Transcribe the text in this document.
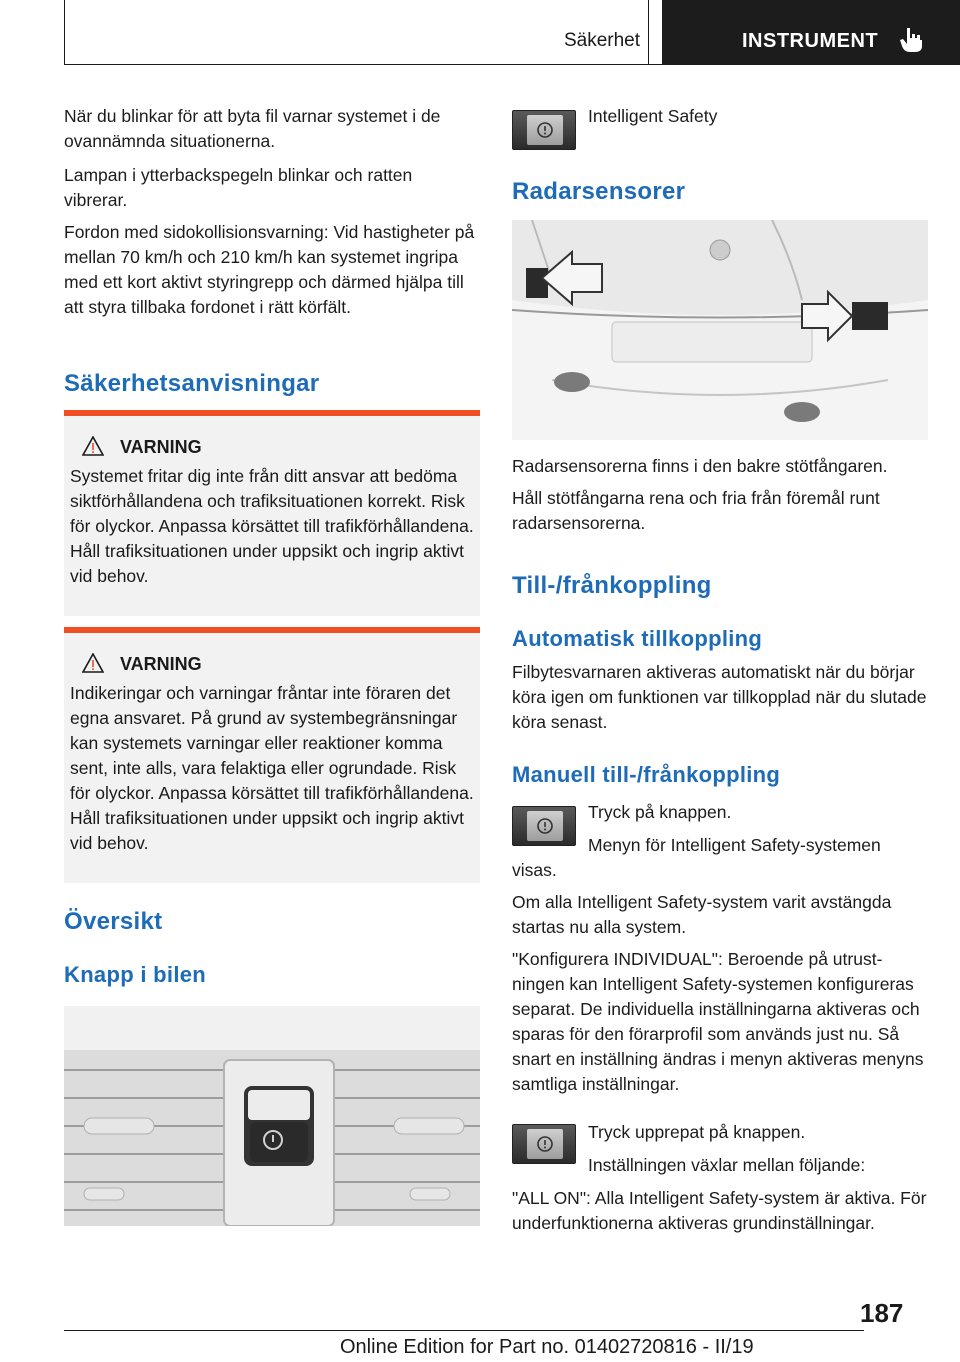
Säkerhet	INSTRUMENT

När du blinkar för att byta fil varnar systemet i de ovannämnda situationerna.

Lampan i ytterbackspegeln blinkar och ratten vibrerar.

Fordon med sidokollisionsvarning: Vid hastigheter på mellan 70 km/h och 210 km/h kan systemet ingripa med ett kort aktivt styringrepp och därmed hjälpa till att styra tillbaka fordonet i rätt körfält.

Säkerhetsanvisningar
VARNING

Systemet fritar dig inte från ditt ansvar att bedöma siktförhållandena och trafiksituationen korrekt. Risk för olyckor. Anpassa körsättet till trafikförhållandena. Håll trafiksituationen under uppsikt och ingrip aktivt vid behov.

VARNING

Indikeringar och varningar fråntar inte föraren det egna ansvaret. På grund av systembegränsningar kan systemets varningar eller reaktioner komma sent, inte alls, vara felaktiga eller ogrundade. Risk för olyckor. Anpassa körsättet till trafikförhållandena. Håll trafiksituationen under uppsikt och ingrip aktivt vid behov.

Översikt
Knapp i bilen

Intelligent Safety

Radarsensorer

Radarsensorerna finns i den bakre stötfångaren.

Håll stötfångarna rena och fria från föremål runt radarsensorerna.

Till-/frånkoppling
Automatisk tillkoppling

Filbytesvarnaren aktiveras automatiskt när du börjar köra igen om funktionen var tillkopplad när du slutade köra senast.

Manuell till-/frånkoppling

Tryck på knappen.

Menyn för Intelligent Safety-systemen

visas.

Om alla Intelligent Safety-system varit avstängda startas nu alla system.

"Konfigurera INDIVIDUAL": Beroende på utrustningen kan Intelligent Safety-systemen konfigureras separat. De individuella inställningarna aktiveras och sparas för den förarprofil som används just nu. Så snart en inställning ändras i menyn aktiveras menyns samtliga inställningar.

Tryck upprepat på knappen.

Inställningen växlar mellan följande:

"ALL ON": Alla Intelligent Safety-system är aktiva. För underfunktionerna aktiveras grundinställningar.

187
Online Edition for Part no. 01402720816 - II/19
